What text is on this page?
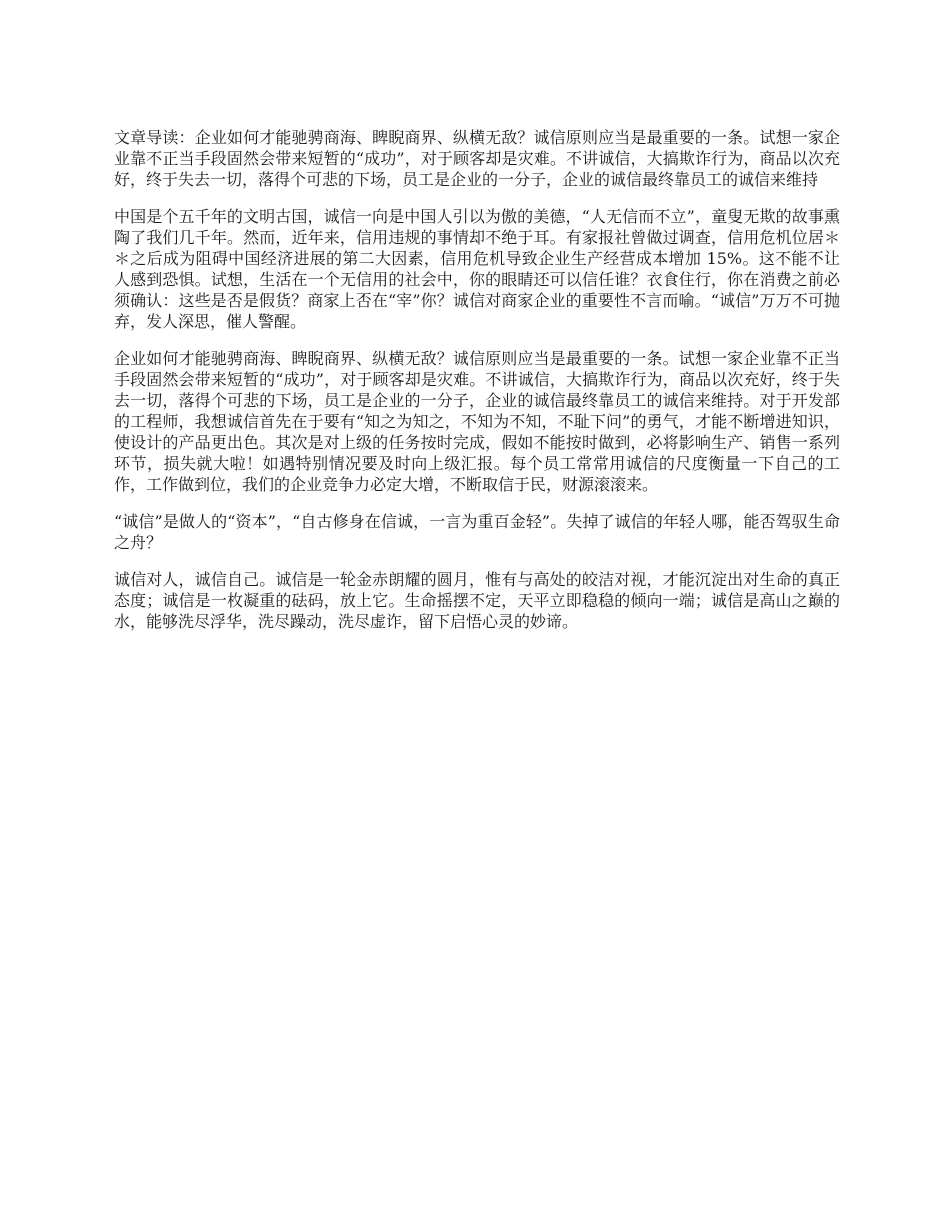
文章导读：企业如何才能驰骋商海、睥睨商界、纵横无敌？诚信原则应当是最重要的一条。试想一家企业靠不正当手段固然会带来短暂的“成功”，对于顾客却是灾难。不讲诚信，大搞欺诈行为，商品以次充好，终于失去一切，落得个可悲的下场，员工是企业的一分子，企业的诚信最终靠员工的诚信来维持

中国是个五千年的文明古国，诚信一向是中国人引以为傲的美德，“人无信而不立”，童叟无欺的故事熏陶了我们几千年。然而，近年来，信用违规的事情却不绝于耳。有家报社曾做过调查，信用危机位居＊＊之后成为阻碍中国经济进展的第二大因素，信用危机导致企业生产经营成本增加 15%。这不能不让人感到恐惧。试想，生活在一个无信用的社会中，你的眼睛还可以信任谁？衣食住行，你在消费之前必须确认：这些是否是假货？商家上否在“宰”你？诚信对商家企业的重要性不言而喻。“诚信”万万不可抛弃，发人深思，催人警醒。

企业如何才能驰骋商海、睥睨商界、纵横无敌？诚信原则应当是最重要的一条。试想一家企业靠不正当手段固然会带来短暂的“成功”，对于顾客却是灾难。不讲诚信，大搞欺诈行为，商品以次充好，终于失去一切，落得个可悲的下场，员工是企业的一分子，企业的诚信最终靠员工的诚信来维持。对于开发部的工程师，我想诚信首先在于要有“知之为知之，不知为不知，不耻下问”的勇气，才能不断增进知识，使设计的产品更出色。其次是对上级的任务按时完成，假如不能按时做到，必将影响生产、销售一系列环节，损失就大啦！如遇特别情况要及时向上级汇报。每个员工常常用诚信的尺度衡量一下自己的工作，工作做到位，我们的企业竞争力必定大增，不断取信于民，财源滚滚来。

“诚信”是做人的“资本”，“自古修身在信诚，一言为重百金轻”。失掉了诚信的年轻人哪，能否驾驭生命之舟？

诚信对人，诚信自己。诚信是一轮金赤朗耀的圆月，惟有与高处的皎洁对视，才能沉淀出对生命的真正态度；诚信是一枚凝重的砝码，放上它。生命摇摆不定，天平立即稳稳的倾向一端；诚信是高山之巅的水，能够洗尽浮华，洗尽躁动，洗尽虚诈，留下启悟心灵的妙谛。
